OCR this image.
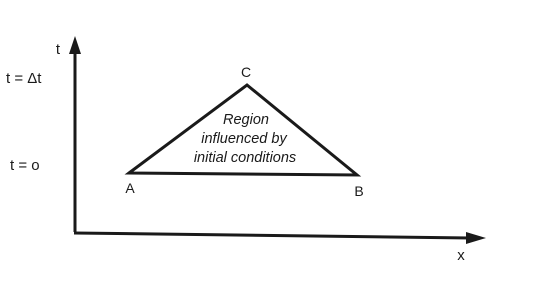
t
x
t = Δt
t = o
A	B
C
Region
influenced by
initial conditions
